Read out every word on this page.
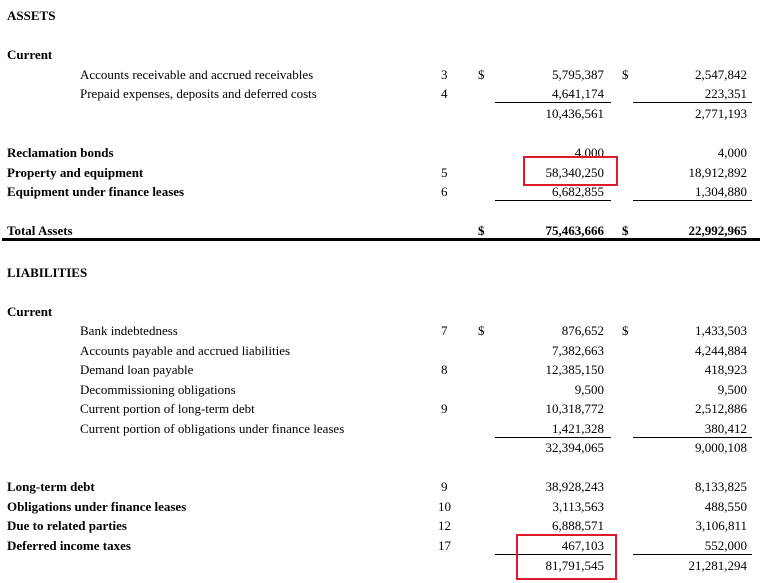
ASSETS
Current
Accounts receivable and accrued receivables	3 $	5,795,387 $	2,547,842
Prepaid expenses, deposits and deferred costs	4	4,641,174	223,351
10,436,561	2,771,193
Reclamation bonds	4,000	4,000
Property and equipment	5	58,340,250	18,912,892
Equipment under finance leases	6	6,682,855	1,304,880
Total Assets	$	75,463,666 $	22,992,965
LIABILITIES
Current
Bank indebtedness	7 $	876,652 $	1,433,503
Accounts payable and accrued liabilities	7,382,663	4,244,884
Demand loan payable	8	12,385,150	418,923
Decommissioning obligations	9,500	9,500
Current portion of long-term debt	9	10,318,772	2,512,886
Current portion of obligations under finance leases	1,421,328	380,412
32,394,065	9,000,108
Long-term debt	9	38,928,243	8,133,825
Obligations under finance leases	10	3,113,563	488,550
Due to related parties	12	6,888,571	3,106,811
Deferred income taxes	17	467,103	552,000
81,791,545	21,281,294
